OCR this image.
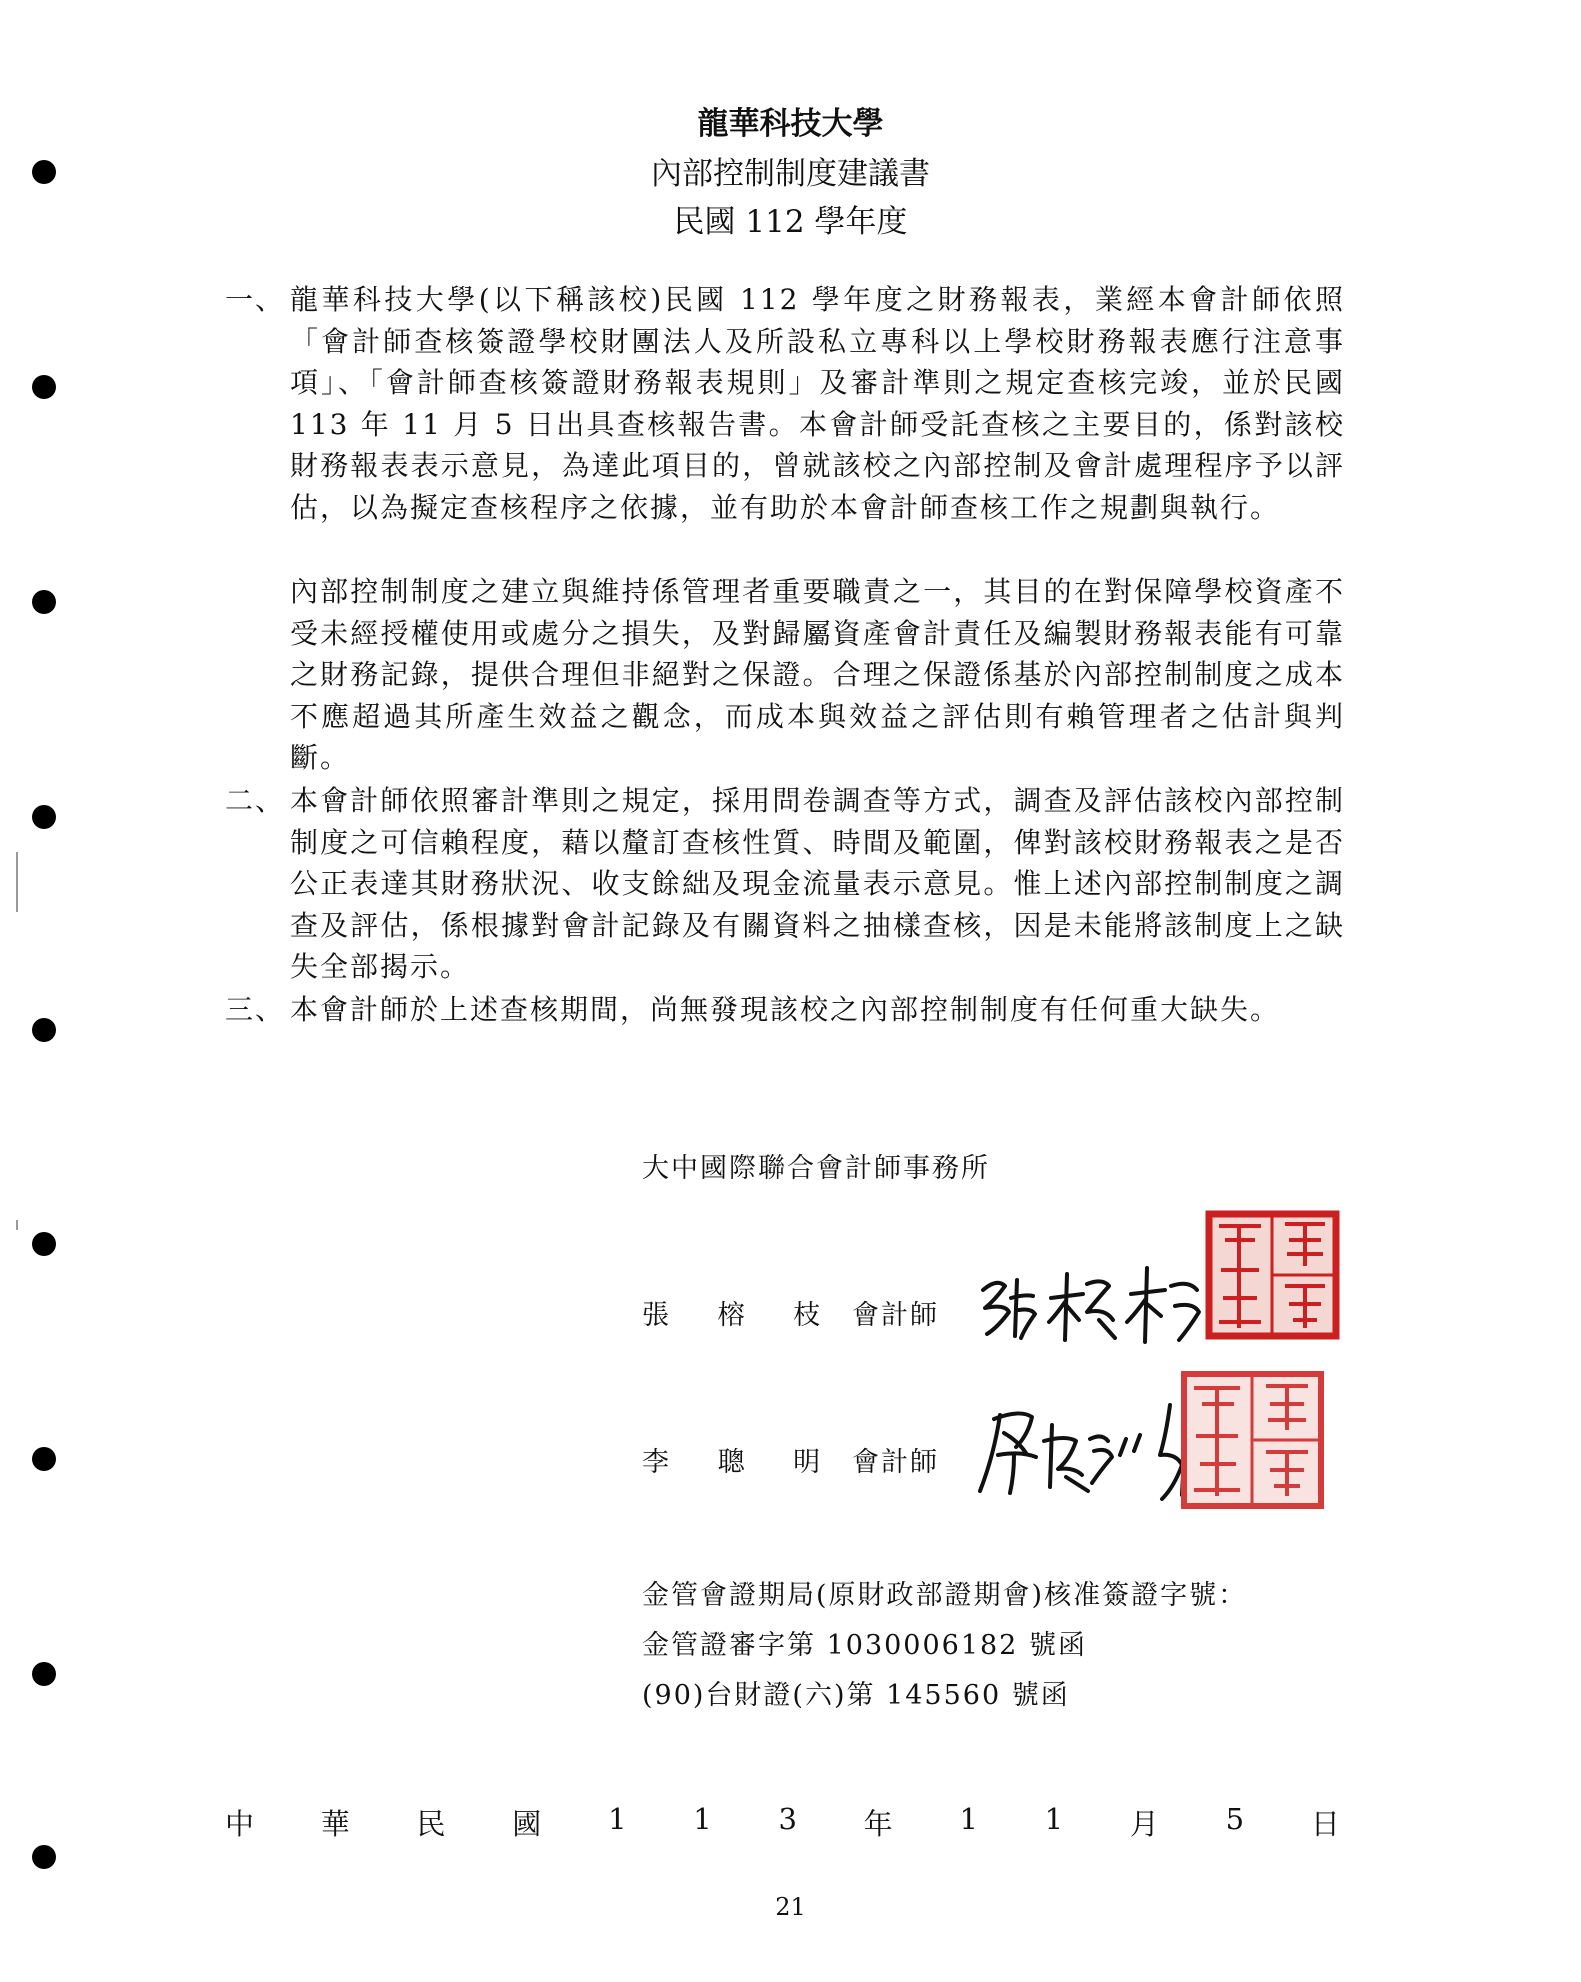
龍華科技大學
內部控制制度建議書
民國 112 學年度
一、 龍華科技大學(以下稱該校)民國 112 學年度之財務報表，業經本會計師依照「會計師查核簽證學校財團法人及所設私立專科以上學校財務報表應行注意事項」、「會計師查核簽證財務報表規則」及審計準則之規定查核完竣，並於民國 113 年 11 月 5 日出具查核報告書。本會計師受託查核之主要目的，係對該校財務報表表示意見，為達此項目的，曾就該校之內部控制及會計處理程序予以評估，以為擬定查核程序之依據，並有助於本會計師查核工作之規劃與執行。

內部控制制度之建立與維持係管理者重要職責之一，其目的在對保障學校資產不受未經授權使用或處分之損失，及對歸屬資產會計責任及編製財務報表能有可靠之財務記錄，提供合理但非絕對之保證。合理之保證係基於內部控制制度之成本不應超過其所產生效益之觀念，而成本與效益之評估則有賴管理者之估計與判斷。

二、 本會計師依照審計準則之規定，採用問卷調查等方式，調查及評估該校內部控制制度之可信賴程度，藉以釐訂查核性質、時間及範圍，俾對該校財務報表之是否公正表達其財務狀況、收支餘絀及現金流量表示意見。惟上述內部控制制度之調查及評估，係根據對會計記錄及有關資料之抽樣查核，因是未能將該制度上之缺失全部揭示。
三、 本會計師於上述查核期間，尚無發現該校之內部控制制度有任何重大缺失。
大中國際聯合會計師事務所
張 榕 枝 會計師
李 聰 明 會計師
金管會證期局(原財政部證期會)核准簽證字號：
金管證審字第 1030006182 號函
(90)台財證(六)第 145560 號函
中 華 民 國 1 1 3 年 1 1 月 5 日
21
